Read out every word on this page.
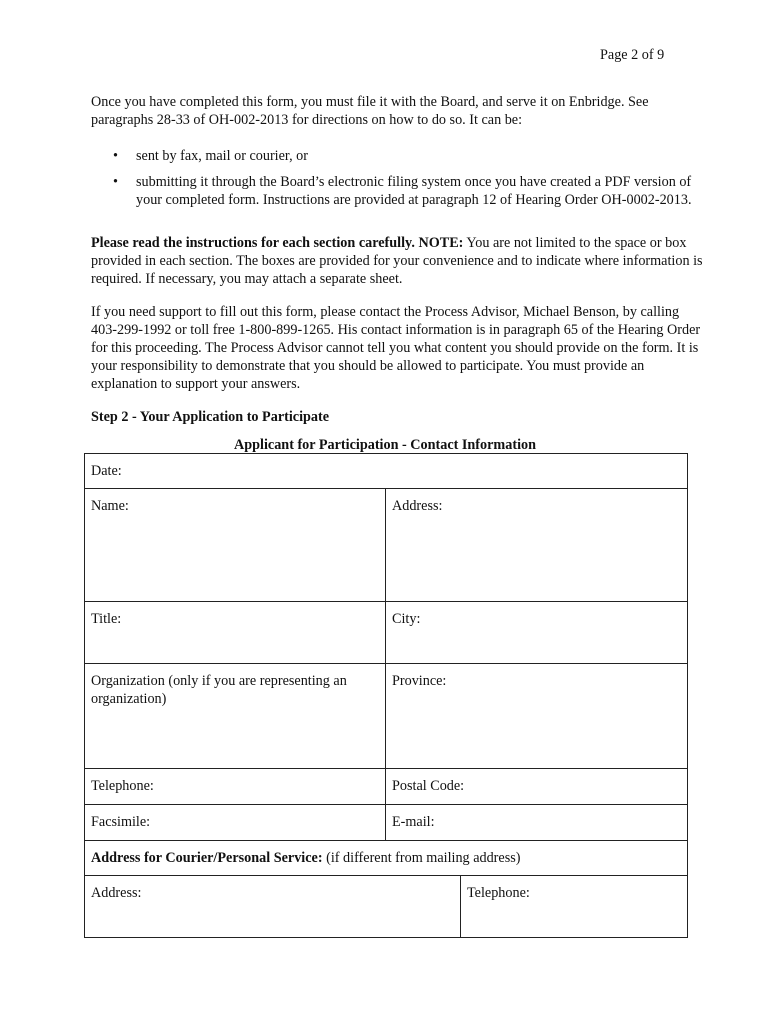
Page 2 of 9
Once you have completed this form, you must file it with the Board, and serve it on Enbridge. See paragraphs 28-33 of OH-002-2013 for directions on how to do so. It can be:
• sent by fax, mail or courier, or
• submitting it through the Board’s electronic filing system once you have created a PDF version of your completed form. Instructions are provided at paragraph 12 of Hearing Order OH-0002-2013.
Please read the instructions for each section carefully. NOTE: You are not limited to the space or box provided in each section. The boxes are provided for your convenience and to indicate where information is required. If necessary, you may attach a separate sheet.
If you need support to fill out this form, please contact the Process Advisor, Michael Benson, by calling 403-299-1992 or toll free 1-800-899-1265. His contact information is in paragraph 65 of the Hearing Order for this proceeding. The Process Advisor cannot tell you what content you should provide on the form. It is your responsibility to demonstrate that you should be allowed to participate. You must provide an explanation to support your answers.
Step 2 - Your Application to Participate
Applicant for Participation - Contact Information
Date:		
Name:	Address:	
Title:	City:	
Organization (only if you are representing an organization)	Province:	
Telephone:	Postal Code:	
Facsimile:	E-mail:	
Address for Courier/Personal Service: (if different from mailing address)		
Address:		Telephone:
